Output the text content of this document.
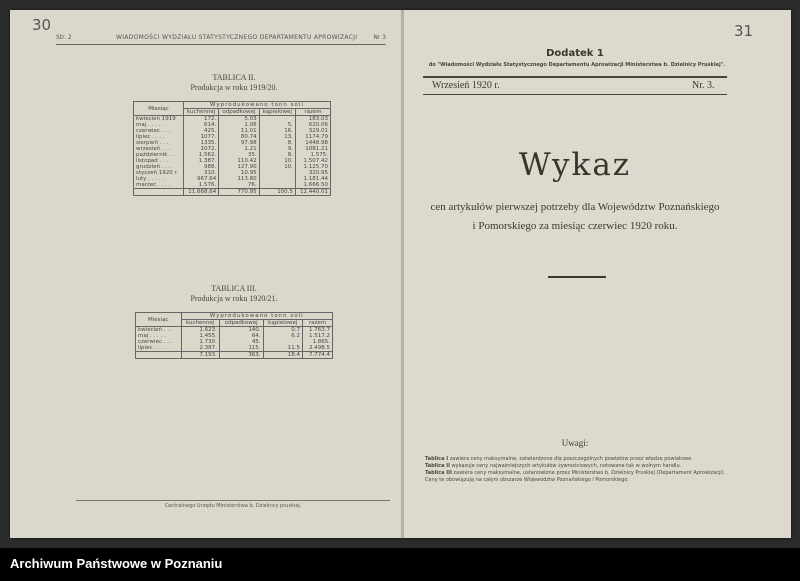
30	31
Str. 2	WIADOMOŚCI WYDZIAŁU STATYSTYCZNEGO DEPARTAMENTU APROWIZACJI	Nr 3
TABLICA II.
Produkcja w roku 1919/20.
Miesiąc	Wyprodukowano tonn soli			
	kuchennej	odpadkowej	kąpielowej	razem
kwiecień 1919	172.	5.03		183.03
maj . . . . .	614.	1.06	5.	620.06
czerwiec . . .	425.	11.01	16.	329.01
lipiec . . . .	1077.	80.74	13.	1174.79
sierpień . . .	1335.	97.98	8.	1448.98
wrzesień . . .	1072.	1.21	9.	1081.21
październik . .	1.562.	35.	8.	1.575.
listopad . . .	1.387.	110.42	10.	1.507.42
grudzień . . .	988.	127.90	10.	1.125.70
styczeń 1920 r.	310.	10.95		320.95
luty . . . . .	967.64	113.80		1.181.44
marzec . . . .	1.576.	76.		1.666.50
	11.668.64	770.95	100.5	12.440.01
TABLICA III.
Produkcja w roku 1920/21.
Miesiąc	Wyprodukowano tonn soli			
	kuchennej	odpadkowej	kąpielowej	razem
kwiecień . . .	1.623.	140.	0.7	1.763.7
maj . . . . .	1.455.	64.	6.2	1.517.2
czerwiec . . .	1.730.	45.		1.865.
lipiec . . . .	2.387.	115.	11.5	2.498.5
	7.193.	363.	18.4	7.774.4
Centralnego Urzędu Ministerstwa b. Dzielnicy pruskiej.
Dodatek 1
do "Wiadomości Wydziału Statystycznego Departamentu Aprowizacji Ministerstwa b. Dzielnicy Pruskiej".
Wrzesień 1920 r.	Nr. 3.
Wykaz
cen artykułów pierwszej potrzeby dla Województw Poznańskiego
i Pomorskiego za miesiąc czerwiec 1920 roku.
Uwagi:
Tablica I zawiera ceny maksymalne, zatwierdzone dla poszczególnych powiatów przez władze powiatowe.
Tablica II wykazuje ceny najważniejszych artykułów żywnościowych, notowane tak w wolnym handlu.
Tablica III zawiera ceny maksymalne, ustanowione przez Ministerstwo b. Dzielnicy Pruskiej (Departament Aprowizacji). Ceny te obowiązują na całym obszarze Województw Poznańskiego i Pomorskiego.
Archiwum Państwowe w Poznaniu
